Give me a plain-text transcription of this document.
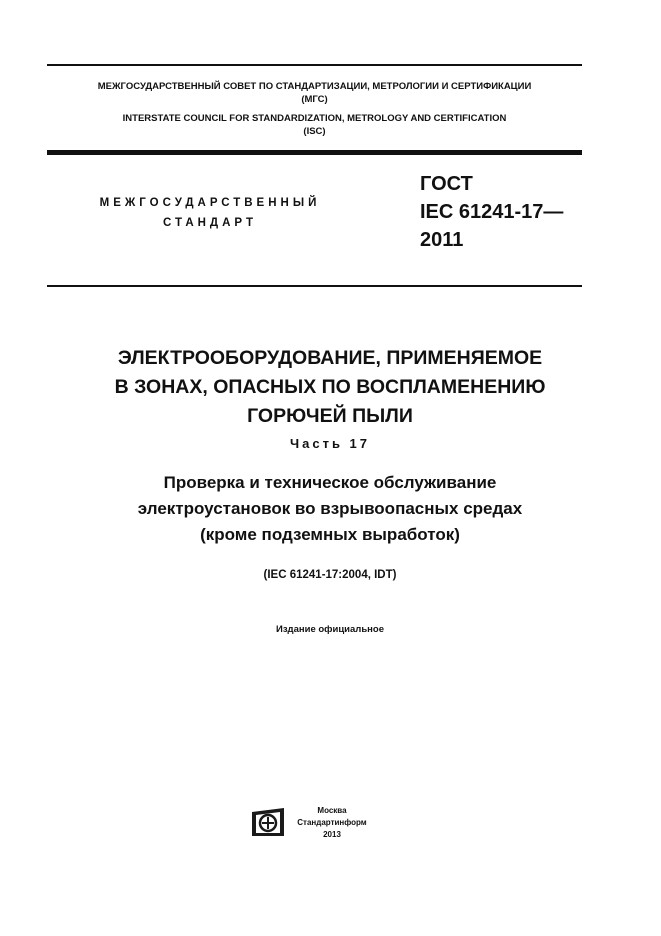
МЕЖГОСУДАРСТВЕННЫЙ СОВЕТ ПО СТАНДАРТИЗАЦИИ, МЕТРОЛОГИИ И СЕРТИФИКАЦИИ
(МГС)
INTERSTATE COUNCIL FOR STANDARDIZATION, METROLOGY AND CERTIFICATION
(ISC)
МЕЖГОСУДАРСТВЕННЫЙ
СТАНДАРТ
ГОСТ
IEC 61241-17—
2011
ЭЛЕКТРООБОРУДОВАНИЕ, ПРИМЕНЯЕМОЕ
В ЗОНАХ, ОПАСНЫХ ПО ВОСПЛАМЕНЕНИЮ
ГОРЮЧЕЙ ПЫЛИ
Часть 17
Проверка и техническое обслуживание
электроустановок во взрывоопасных средах
(кроме подземных выработок)
(IEC 61241-17:2004, IDT)
Издание официальное
Москва
Стандартинформ
2013
